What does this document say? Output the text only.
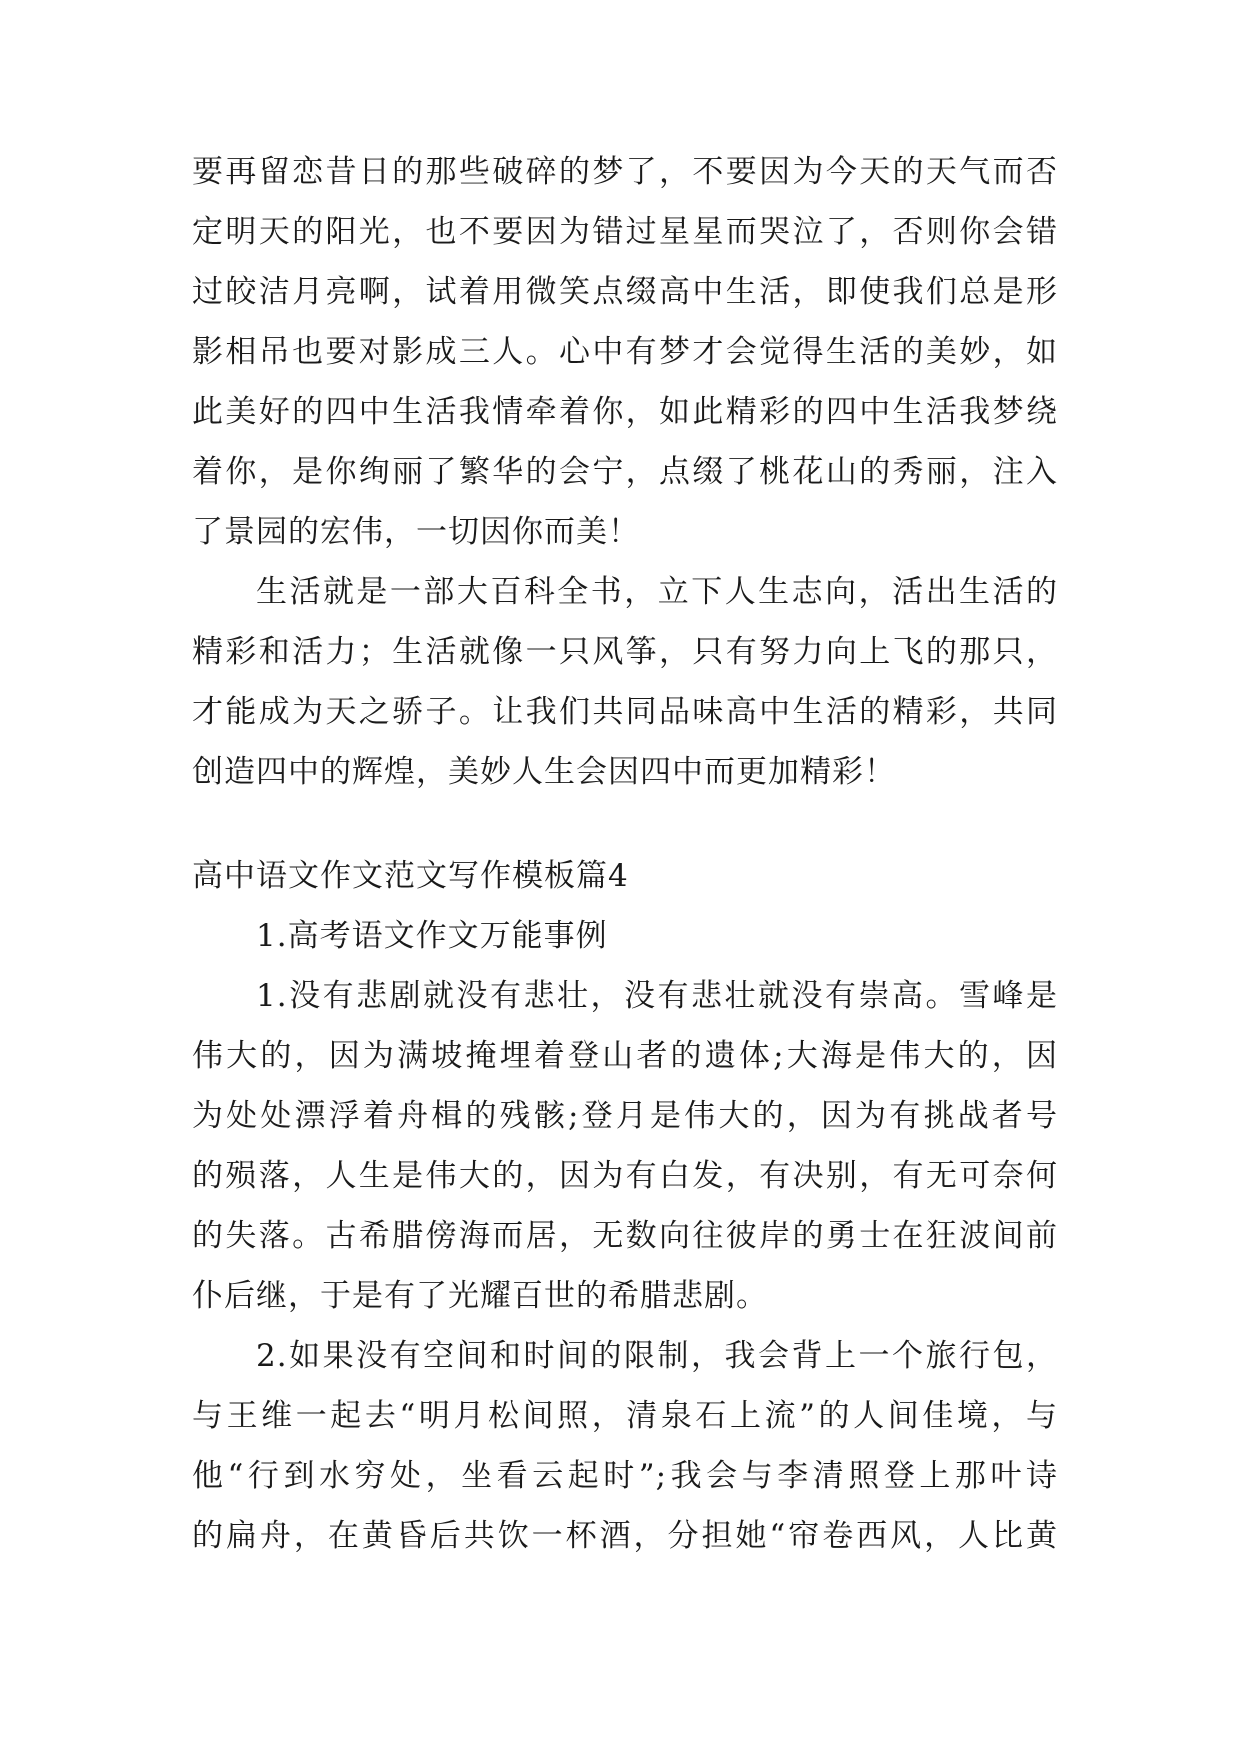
要再留恋昔日的那些破碎的梦了，不要因为今天的天气而否
定明天的阳光，也不要因为错过星星而哭泣了，否则你会错
过皎洁月亮啊，试着用微笑点缀高中生活，即使我们总是形
影相吊也要对影成三人。心中有梦才会觉得生活的美妙，如
此美好的四中生活我情牵着你，如此精彩的四中生活我梦绕
着你，是你绚丽了繁华的会宁，点缀了桃花山的秀丽，注入
了景园的宏伟，一切因你而美！
生活就是一部大百科全书，立下人生志向，活出生活的
精彩和活力；生活就像一只风筝，只有努力向上飞的那只，
才能成为天之骄子。让我们共同品味高中生活的精彩，共同
创造四中的辉煌，美妙人生会因四中而更加精彩！
高中语文作文范文写作模板篇4
1.高考语文作文万能事例
1.没有悲剧就没有悲壮，没有悲壮就没有崇高。雪峰是
伟大的，因为满坡掩埋着登山者的遗体;大海是伟大的，因
为处处漂浮着舟楫的残骸;登月是伟大的，因为有挑战者号
的殒落，人生是伟大的，因为有白发，有决别，有无可奈何
的失落。古希腊傍海而居，无数向往彼岸的勇士在狂波间前
仆后继，于是有了光耀百世的希腊悲剧。
2.如果没有空间和时间的限制，我会背上一个旅行包，
与王维一起去“明月松间照，清泉石上流”的人间佳境，与
他“行到水穷处，坐看云起时”;我会与李清照登上那叶诗
的扁舟，在黄昏后共饮一杯酒，分担她“帘卷西风，人比黄
